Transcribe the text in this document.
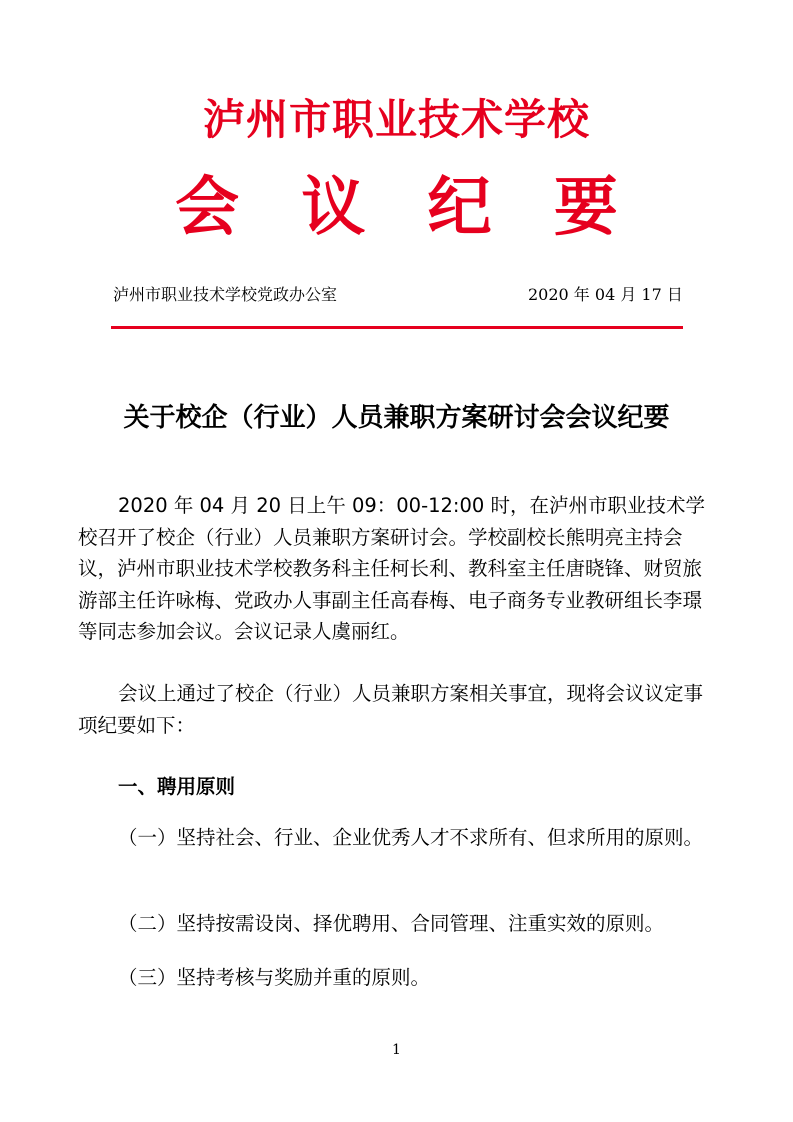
泸州市职业技术学校
会 议 纪 要
泸州市职业技术学校党政办公室	2020 年 04 月 17 日
关于校企（行业）人员兼职方案研讨会会议纪要

2020 年 04 月 20 日上午 09：00-12:00 时，在泸州市职业技术学校召开了校企（行业）人员兼职方案研讨会。学校副校长熊明亮主持会议，泸州市职业技术学校教务科主任柯长利、教科室主任唐晓锋、财贸旅游部主任许咏梅、党政办人事副主任高春梅、电子商务专业教研组长李璟等同志参加会议。会议记录人虞丽红。

会议上通过了校企（行业）人员兼职方案相关事宜，现将会议议定事项纪要如下：

一、聘用原则

（一）坚持社会、行业、企业优秀人才不求所有、但求所用的原则。

（二）坚持按需设岗、择优聘用、合同管理、注重实效的原则。

（三）坚持考核与奖励并重的原则。

1
